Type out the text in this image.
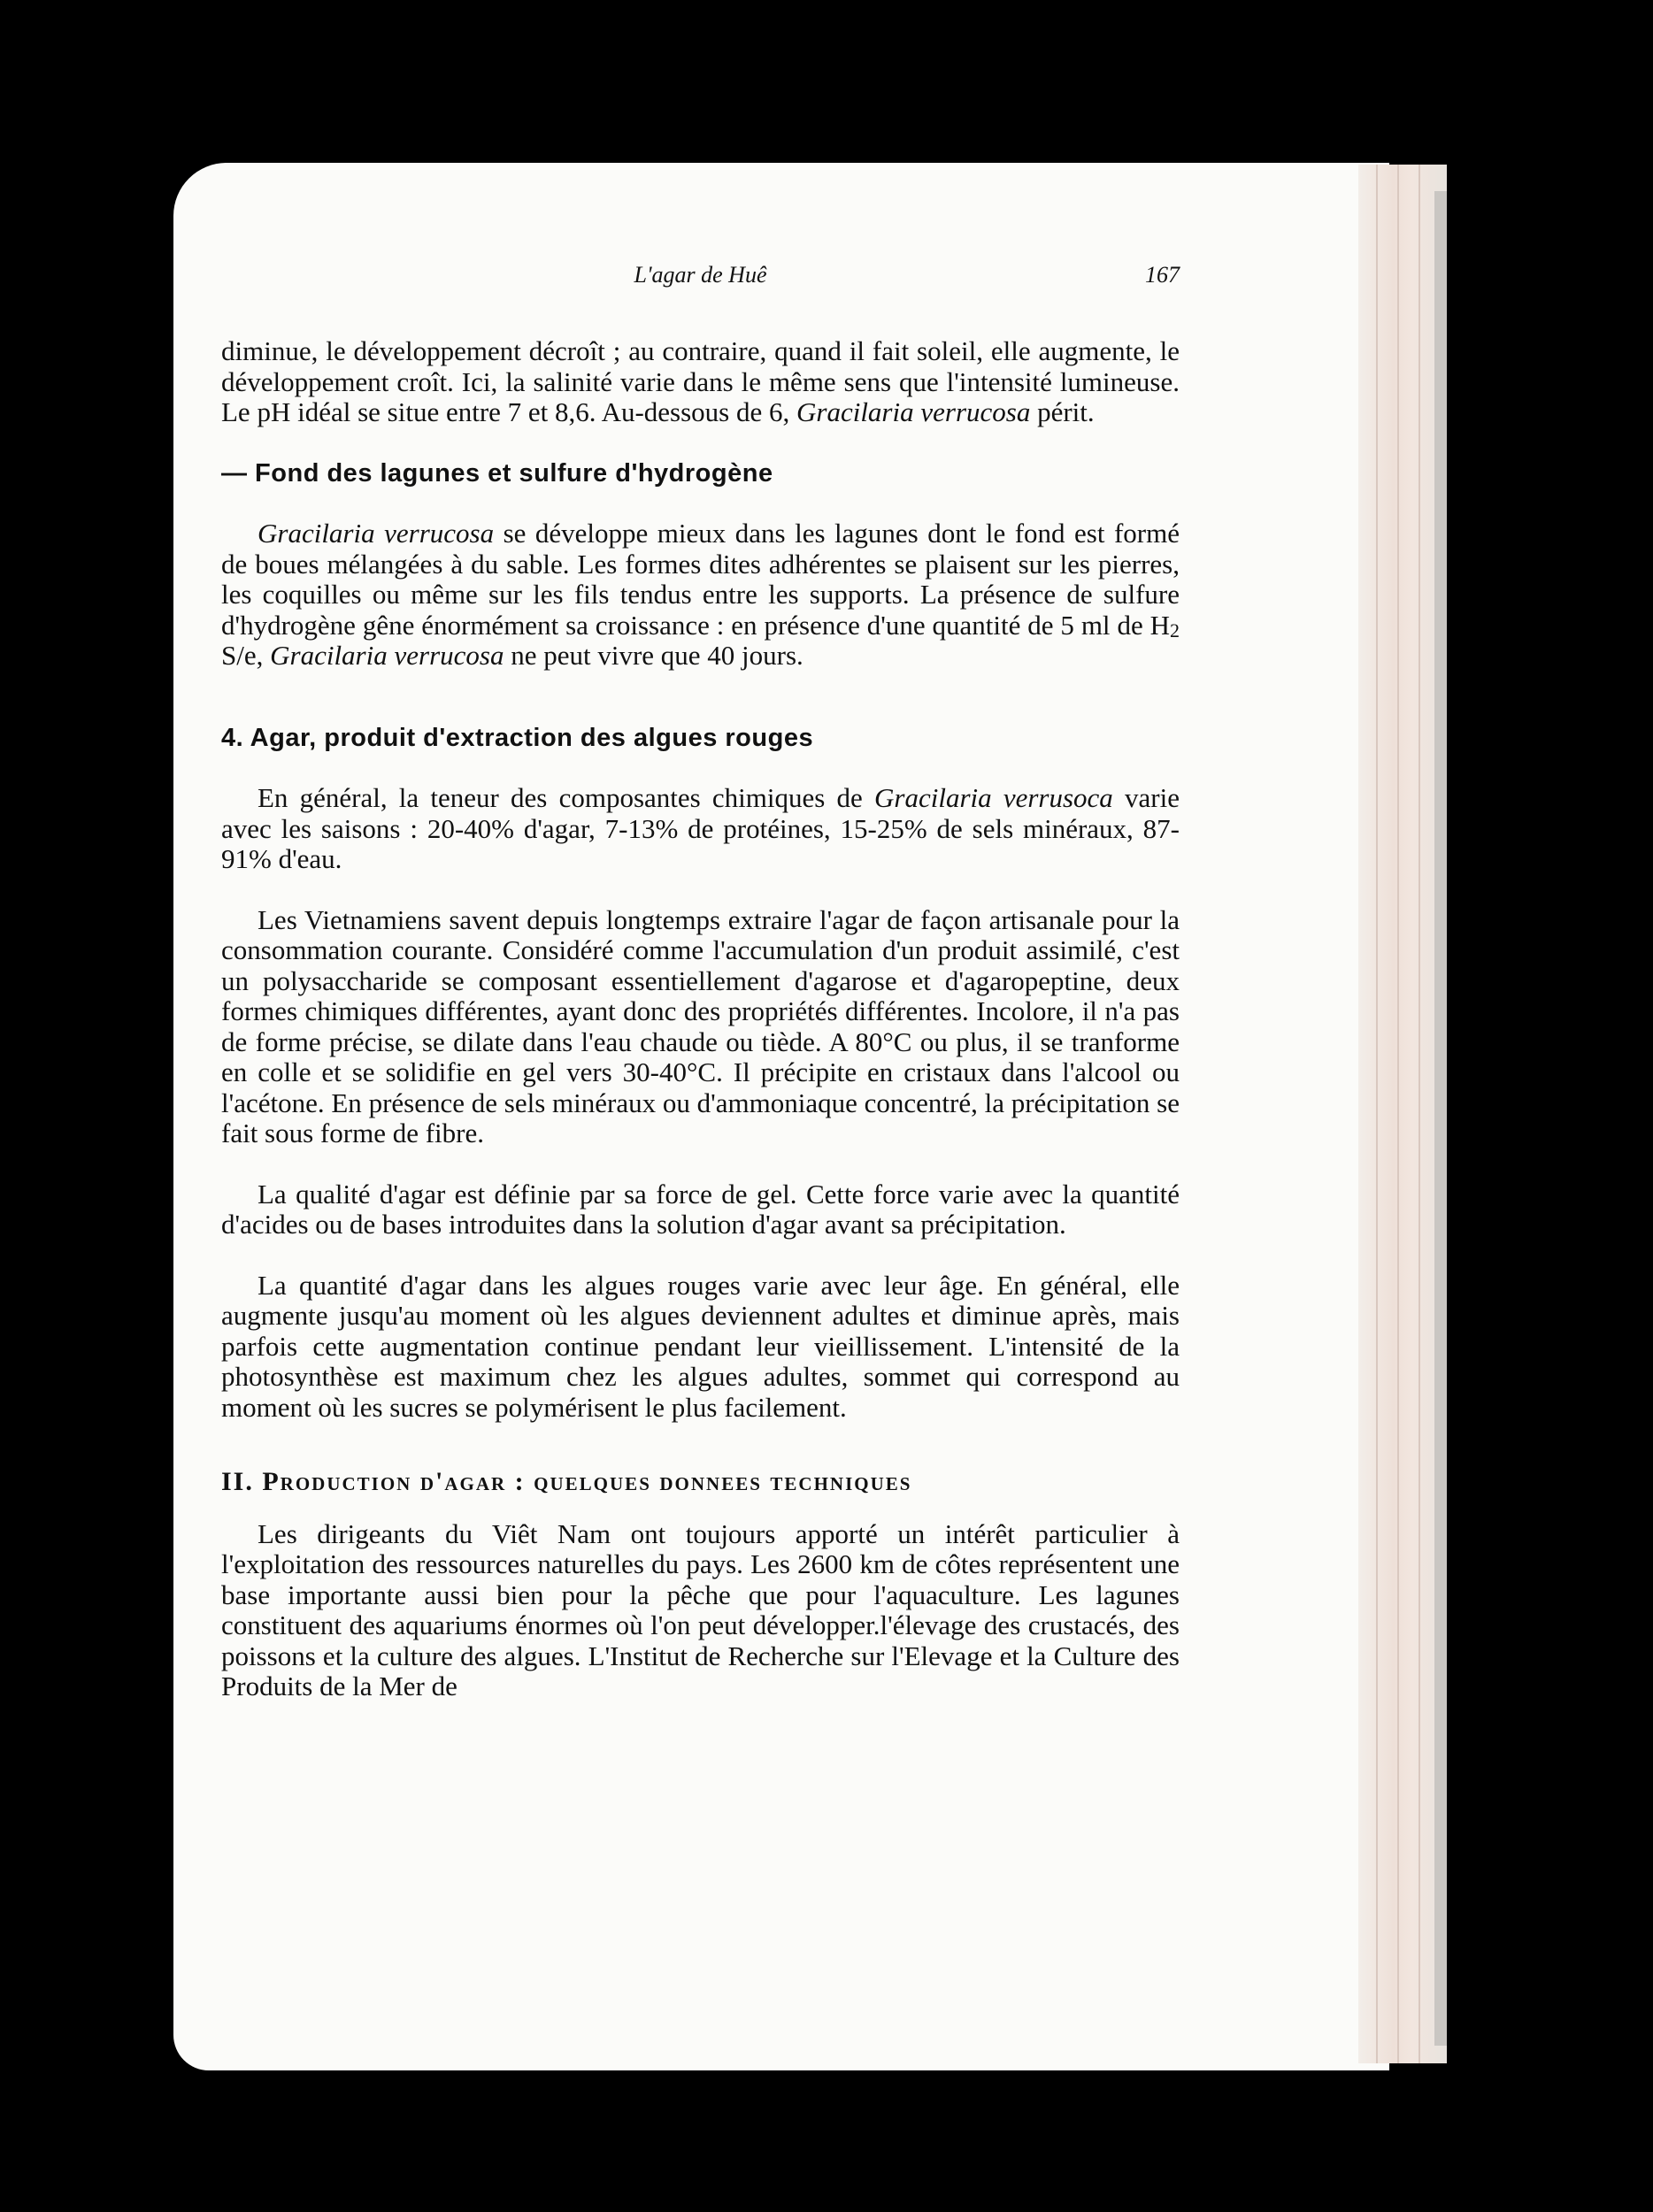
L'agar de Huê	167

diminue, le développement décroît ; au contraire, quand il fait soleil, elle augmente, le développement croît. Ici, la salinité varie dans le même sens que l'intensité lumineuse. Le pH idéal se situe entre 7 et 8,6. Au-dessous de 6, Gracilaria verrucosa périt.

— Fond des lagunes et sulfure d'hydrogène

Gracilaria verrucosa se développe mieux dans les lagunes dont le fond est formé de boues mélangées à du sable. Les formes dites adhérentes se plaisent sur les pierres, les coquilles ou même sur les fils tendus entre les supports. La présence de sulfure d'hydrogène gêne énormément sa croissance : en présence d'une quantité de 5 ml de $H_2$ S/e, Gracilaria verrucosa ne peut vivre que 40 jours.

4. Agar, produit d'extraction des algues rouges

En général, la teneur des composantes chimiques de Gracilaria verrusoca varie avec les saisons : 20-40% d'agar, 7-13% de protéines, 15-25% de sels minéraux, 87-91% d'eau.

Les Vietnamiens savent depuis longtemps extraire l'agar de façon artisanale pour la consommation courante. Considéré comme l'accumulation d'un produit assimilé, c'est un polysaccharide se composant essentiellement d'agarose et d'agaropeptine, deux formes chimiques différentes, ayant donc des propriétés différentes. Incolore, il n'a pas de forme précise, se dilate dans l'eau chaude ou tiède. A 80°C ou plus, il se tranforme en colle et se solidifie en gel vers 30-40°C. Il précipite en cristaux dans l'alcool ou l'acétone. En présence de sels minéraux ou d'ammoniaque concentré, la précipitation se fait sous forme de fibre.

La qualité d'agar est définie par sa force de gel. Cette force varie avec la quantité d'acides ou de bases introduites dans la solution d'agar avant sa précipitation.

La quantité d'agar dans les algues rouges varie avec leur âge. En général, elle augmente jusqu'au moment où les algues deviennent adultes et diminue après, mais parfois cette augmentation continue pendant leur vieillissement. L'intensité de la photosynthèse est maximum chez les algues adultes, sommet qui correspond au moment où les sucres se polymérisent le plus facilement.

II. Production d'agar : quelques donnees techniques

Les dirigeants du Viêt Nam ont toujours apporté un intérêt particulier à l'exploitation des ressources naturelles du pays. Les 2600 km de côtes représentent une base importante aussi bien pour la pêche que pour l'aquaculture. Les lagunes constituent des aquariums énormes où l'on peut développer.l'élevage des crustacés, des poissons et la culture des algues. L'Institut de Recherche sur l'Elevage et la Culture des Produits de la Mer de
